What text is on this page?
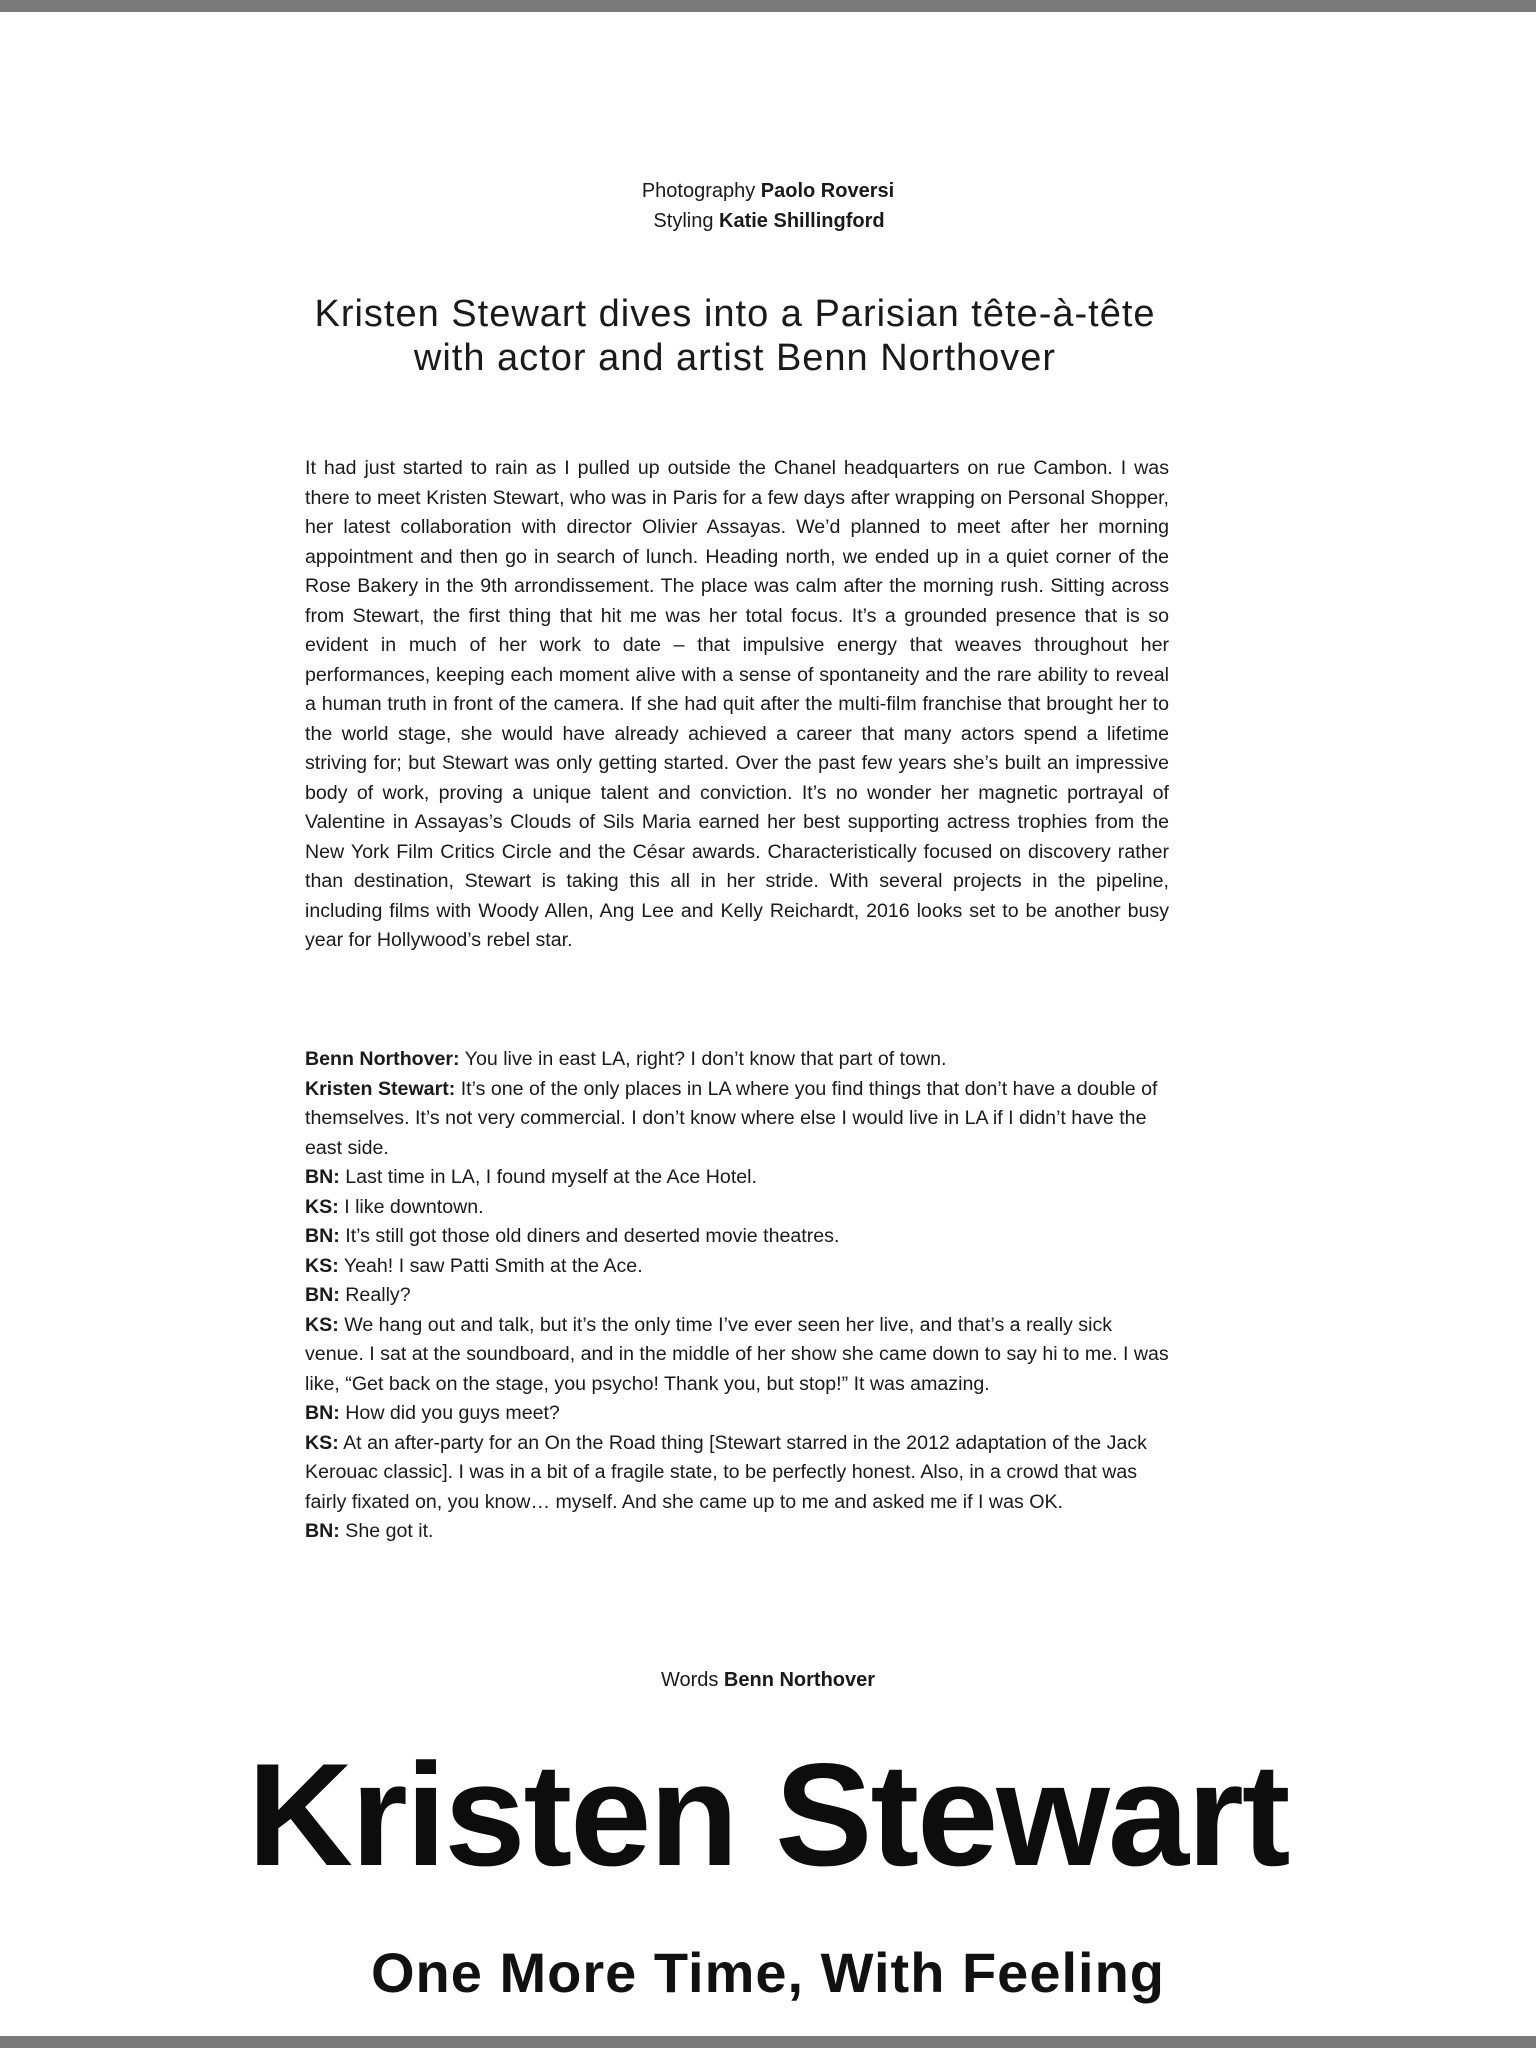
Photography Paolo Roversi
Styling Katie Shillingford
Kristen Stewart dives into a Parisian tête-à-tête with actor and artist Benn Northover

It had just started to rain as I pulled up outside the Chanel headquarters on rue Cambon. I was there to meet Kristen Stewart, who was in Paris for a few days after wrapping on Personal Shopper, her latest collaboration with director Olivier Assayas. We’d planned to meet after her morning appointment and then go in search of lunch. Heading north, we ended up in a quiet corner of the Rose Bakery in the 9th arrondissement. The place was calm after the morning rush. Sitting across from Stewart, the first thing that hit me was her total focus. It’s a grounded presence that is so evident in much of her work to date – that impulsive energy that weaves throughout her performances, keeping each moment alive with a sense of spontaneity and the rare ability to reveal a human truth in front of the camera. If she had quit after the multi-film franchise that brought her to the world stage, she would have already achieved a career that many actors spend a lifetime striving for; but Stewart was only getting started. Over the past few years she’s built an impressive body of work, proving a unique talent and conviction. It’s no wonder her magnetic portrayal of Valentine in Assayas’s Clouds of Sils Maria earned her best supporting actress trophies from the New York Film Critics Circle and the César awards. Characteristically focused on discovery rather than destination, Stewart is taking this all in her stride. With several projects in the pipeline, including films with Woody Allen, Ang Lee and Kelly Reichardt, 2016 looks set to be another busy year for Hollywood’s rebel star.

Benn Northover: You live in east LA, right? I don’t know that part of town.

Kristen Stewart: It’s one of the only places in LA where you find things that don’t have a double of themselves. It’s not very commercial. I don’t know where else I would live in LA if I didn’t have the east side.

BN: Last time in LA, I found myself at the Ace Hotel.

KS: I like downtown.

BN: It’s still got those old diners and deserted movie theatres.

KS: Yeah! I saw Patti Smith at the Ace.

BN: Really?

KS: We hang out and talk, but it’s the only time I’ve ever seen her live, and that’s a really sick venue. I sat at the soundboard, and in the middle of her show she came down to say hi to me. I was like, “Get back on the stage, you psycho! Thank you, but stop!” It was amazing.

BN: How did you guys meet?

KS: At an after-party for an On the Road thing [Stewart starred in the 2012 adaptation of the Jack Kerouac classic]. I was in a bit of a fragile state, to be perfectly honest. Also, in a crowd that was fairly fixated on, you know… myself. And she came up to me and asked me if I was OK.

BN: She got it.

Words Benn Northover
Kristen Stewart
One More Time, With Feeling
